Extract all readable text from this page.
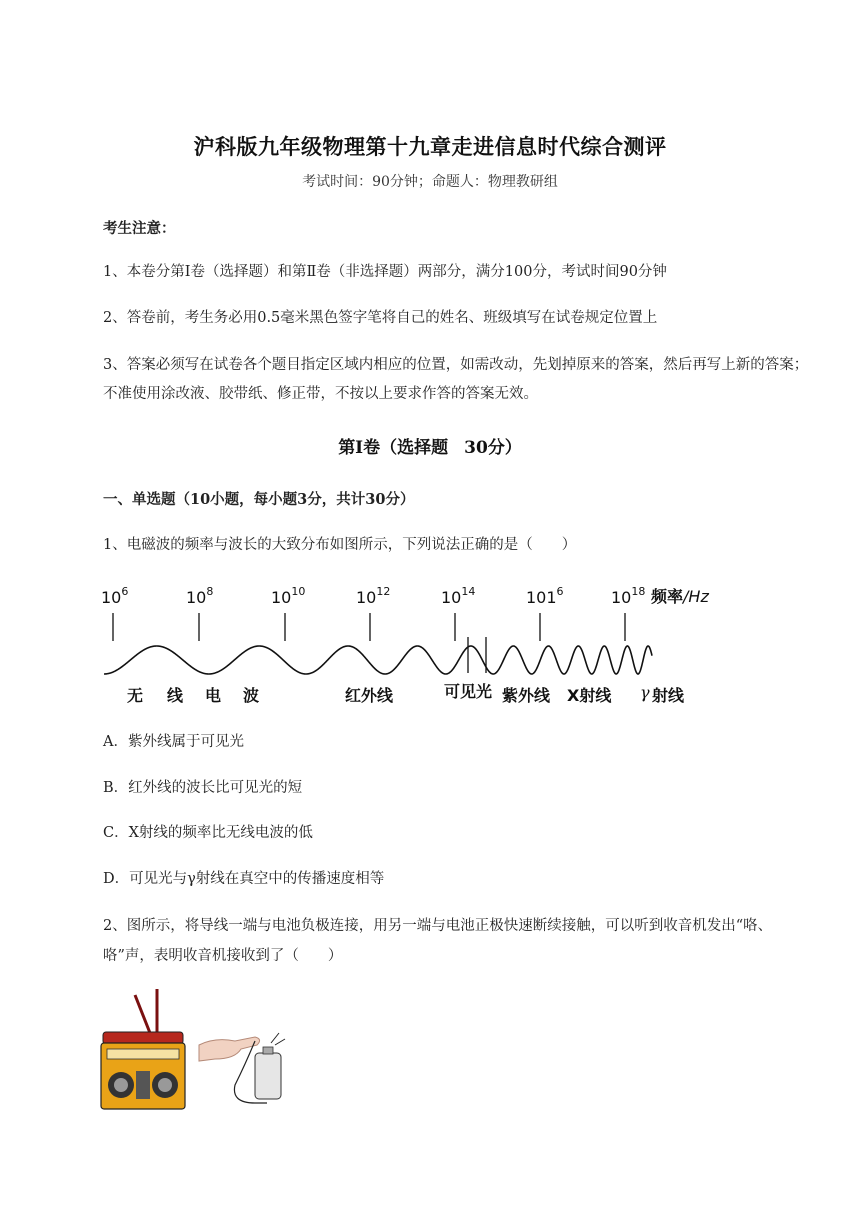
沪科版九年级物理第十九章走进信息时代综合测评
考试时间：90分钟；命题人：物理教研组
考生注意：
1、本卷分第Ⅰ卷（选择题）和第Ⅱ卷（非选择题）两部分，满分100分，考试时间90分钟
2、答卷前，考生务必用0.5毫米黑色签字笔将自己的姓名、班级填写在试卷规定位置上
3、答案必须写在试卷各个题目指定区域内相应的位置，如需改动，先划掉原来的答案，然后再写上新的答案；不准使用涂改液、胶带纸、修正带，不按以上要求作答的答案无效。
第Ⅰ卷（选择题 30分）
一、单选题（10小题，每小题3分，共计30分）
1、电磁波的频率与波长的大致分布如图所示，下列说法正确的是（　　）
$10^6$	$10^8$	$10^{10}$	$10^{12}$	$10^{14}$	$101^6$	$10^{18}$ 频率/Hz
无 线 电 波	红外线	可见光 紫外线 X射线 γ 射线
A．紫外线属于可见光
B．红外线的波长比可见光的短
C．X射线的频率比无线电波的低
D．可见光与γ射线在真空中的传播速度相等
2、图所示，将导线一端与电池负极连接，用另一端与电池正极快速断续接触，可以听到收音机发出“咯、咯”声，表明收音机接收到了（　　）
